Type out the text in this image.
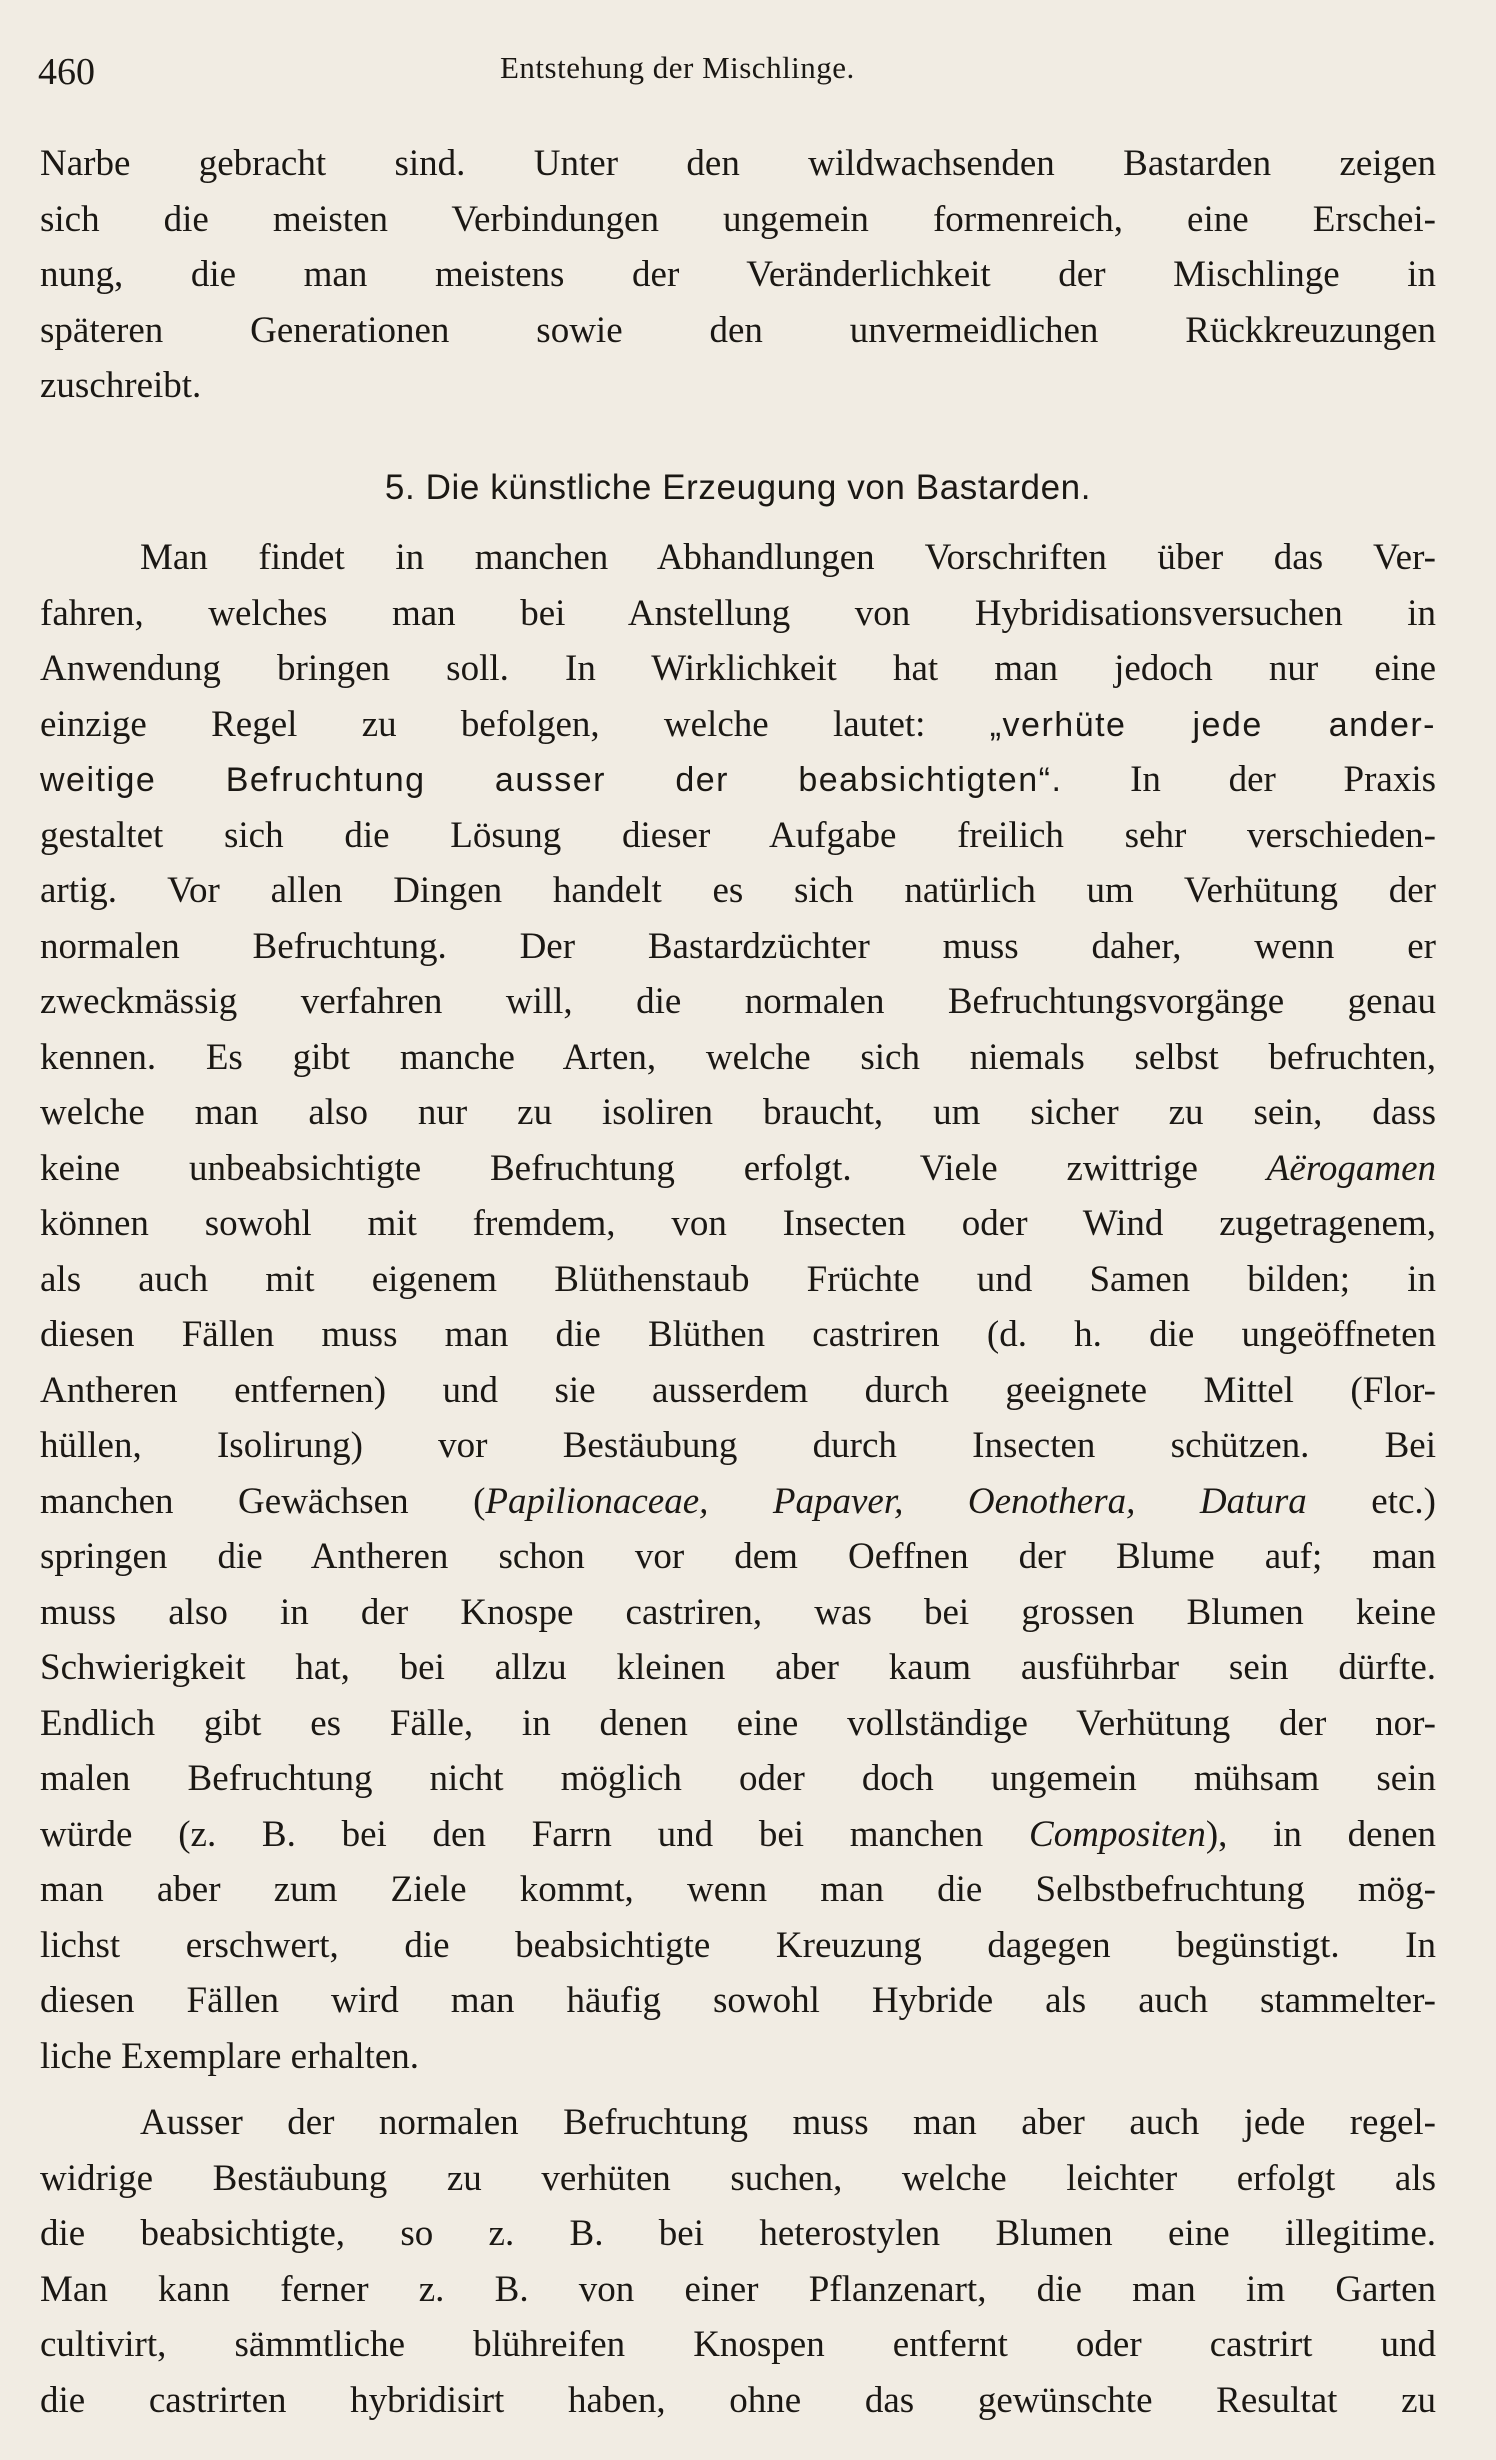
460	Entstehung der Mischlinge.
Narbe gebracht sind. Unter den wildwachsenden Bastarden zeigen
sich die meisten Verbindungen ungemein formenreich, eine Erschei-
nung, die man meistens der Veränderlichkeit der Mischlinge in
späteren Generationen sowie den unvermeidlichen Rückkreuzungen
zuschreibt.
5. Die künstliche Erzeugung von Bastarden.
Man findet in manchen Abhandlungen Vorschriften über das Ver-
fahren, welches man bei Anstellung von Hybridisationsversuchen in
Anwendung bringen soll. In Wirklichkeit hat man jedoch nur eine
einzige Regel zu befolgen, welche lautet: „verhüte jede ander-
weitige Befruchtung ausser der beabsichtigten“. In der Praxis
gestaltet sich die Lösung dieser Aufgabe freilich sehr verschieden-
artig. Vor allen Dingen handelt es sich natürlich um Verhütung der
normalen Befruchtung. Der Bastardzüchter muss daher, wenn er
zweckmässig verfahren will, die normalen Befruchtungsvorgänge genau
kennen. Es gibt manche Arten, welche sich niemals selbst befruchten,
welche man also nur zu isoliren braucht, um sicher zu sein, dass
keine unbeabsichtigte Befruchtung erfolgt. Viele zwittrige Aërogamen
können sowohl mit fremdem, von Insecten oder Wind zugetragenem,
als auch mit eigenem Blüthenstaub Früchte und Samen bilden; in
diesen Fällen muss man die Blüthen castriren (d. h. die ungeöffneten
Antheren entfernen) und sie ausserdem durch geeignete Mittel (Flor-
hüllen, Isolirung) vor Bestäubung durch Insecten schützen. Bei
manchen Gewächsen (Papilionaceae, Papaver, Oenothera, Datura etc.)
springen die Antheren schon vor dem Oeffnen der Blume auf; man
muss also in der Knospe castriren, was bei grossen Blumen keine
Schwierigkeit hat, bei allzu kleinen aber kaum ausführbar sein dürfte.
Endlich gibt es Fälle, in denen eine vollständige Verhütung der nor-
malen Befruchtung nicht möglich oder doch ungemein mühsam sein
würde (z. B. bei den Farrn und bei manchen Compositen), in denen
man aber zum Ziele kommt, wenn man die Selbstbefruchtung mög-
lichst erschwert, die beabsichtigte Kreuzung dagegen begünstigt. In
diesen Fällen wird man häufig sowohl Hybride als auch stammelter-
liche Exemplare erhalten.
Ausser der normalen Befruchtung muss man aber auch jede regel-
widrige Bestäubung zu verhüten suchen, welche leichter erfolgt als
die beabsichtigte, so z. B. bei heterostylen Blumen eine illegitime.
Man kann ferner z. B. von einer Pflanzenart, die man im Garten
cultivirt, sämmtliche blühreifen Knospen entfernt oder castrirt und
die castrirten hybridisirt haben, ohne das gewünschte Resultat zu
